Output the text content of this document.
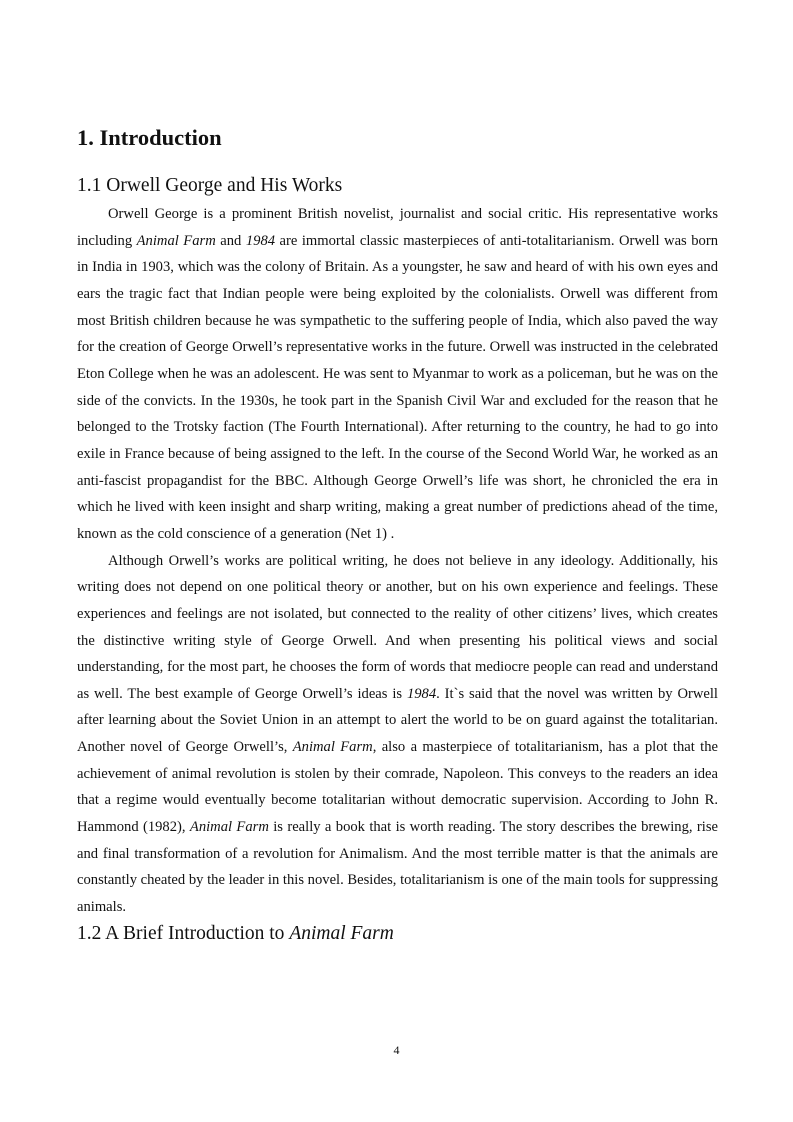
1. Introduction
1.1 Orwell George and His Works

Orwell George is a prominent British novelist, journalist and social critic. His representative works including Animal Farm and 1984 are immortal classic masterpieces of anti-totalitarianism. Orwell was born in India in 1903, which was the colony of Britain. As a youngster, he saw and heard of with his own eyes and ears the tragic fact that Indian people were being exploited by the colonialists. Orwell was different from most British children because he was sympathetic to the suffering people of India, which also paved the way for the creation of George Orwell’s representative works in the future. Orwell was instructed in the celebrated Eton College when he was an adolescent. He was sent to Myanmar to work as a policeman, but he was on the side of the convicts. In the 1930s, he took part in the Spanish Civil War and excluded for the reason that he belonged to the Trotsky faction (The Fourth International). After returning to the country, he had to go into exile in France because of being assigned to the left. In the course of the Second World War, he worked as an anti-fascist propagandist for the BBC. Although George Orwell’s life was short, he chronicled the era in which he lived with keen insight and sharp writing, making a great number of predictions ahead of the time, known as the cold conscience of a generation (Net 1) .

Although Orwell’s works are political writing, he does not believe in any ideology. Additionally, his writing does not depend on one political theory or another, but on his own experience and feelings. These experiences and feelings are not isolated, but connected to the reality of other citizens’ lives, which creates the distinctive writing style of George Orwell. And when presenting his political views and social understanding, for the most part, he chooses the form of words that mediocre people can read and understand as well. The best example of George Orwell’s ideas is 1984. It`s said that the novel was written by Orwell after learning about the Soviet Union in an attempt to alert the world to be on guard against the totalitarian. Another novel of George Orwell’s, Animal Farm, also a masterpiece of totalitarianism, has a plot that the achievement of animal revolution is stolen by their comrade, Napoleon. This conveys to the readers an idea that a regime would eventually become totalitarian without democratic supervision. According to John R. Hammond (1982), Animal Farm is really a book that is worth reading. The story describes the brewing, rise and final transformation of a revolution for Animalism. And the most terrible matter is that the animals are constantly cheated by the leader in this novel. Besides, totalitarianism is one of the main tools for suppressing animals.

1.2 A Brief Introduction to Animal Farm
4
